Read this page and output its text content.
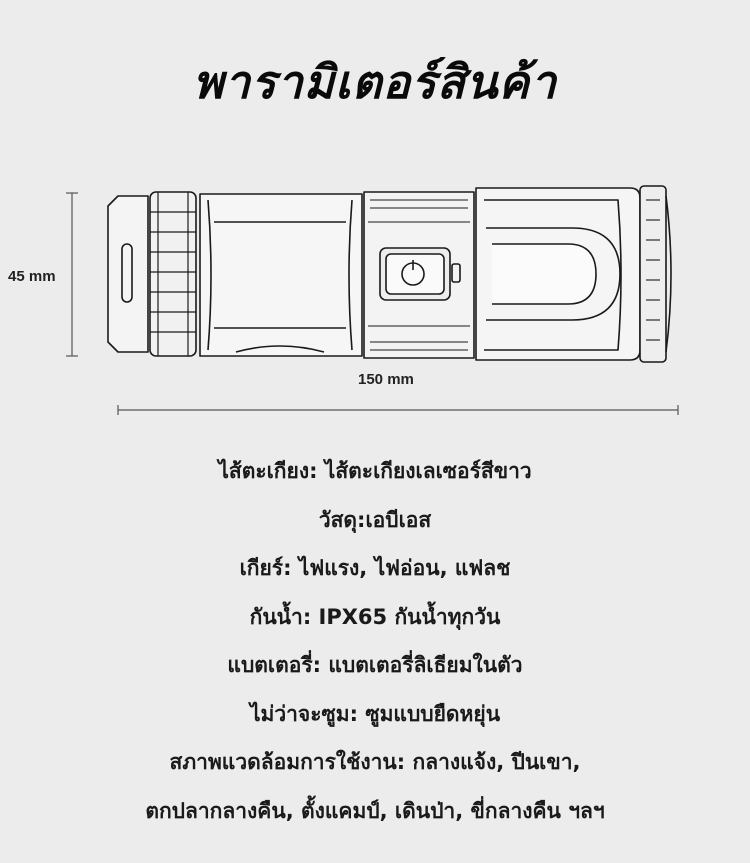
พารามิเตอร์สินค้า
45 mm
150 mm
ไส้ตะเกียง: ไส้ตะเกียงเลเซอร์สีขาว
วัสดุ:เอบีเอส
เกียร์: ไฟแรง, ไฟอ่อน, แฟลช
กันน้ำ: IPX65 กันน้ำทุกวัน
แบตเตอรี่: แบตเตอรี่ลิเธียมในตัว
ไม่ว่าจะซูม: ซูมแบบยืดหยุ่น
สภาพแวดล้อมการใช้งาน: กลางแจ้ง, ปีนเขา,
ตกปลากลางคืน, ตั้งแคมป์, เดินป่า, ขี่กลางคืน ฯลฯ
